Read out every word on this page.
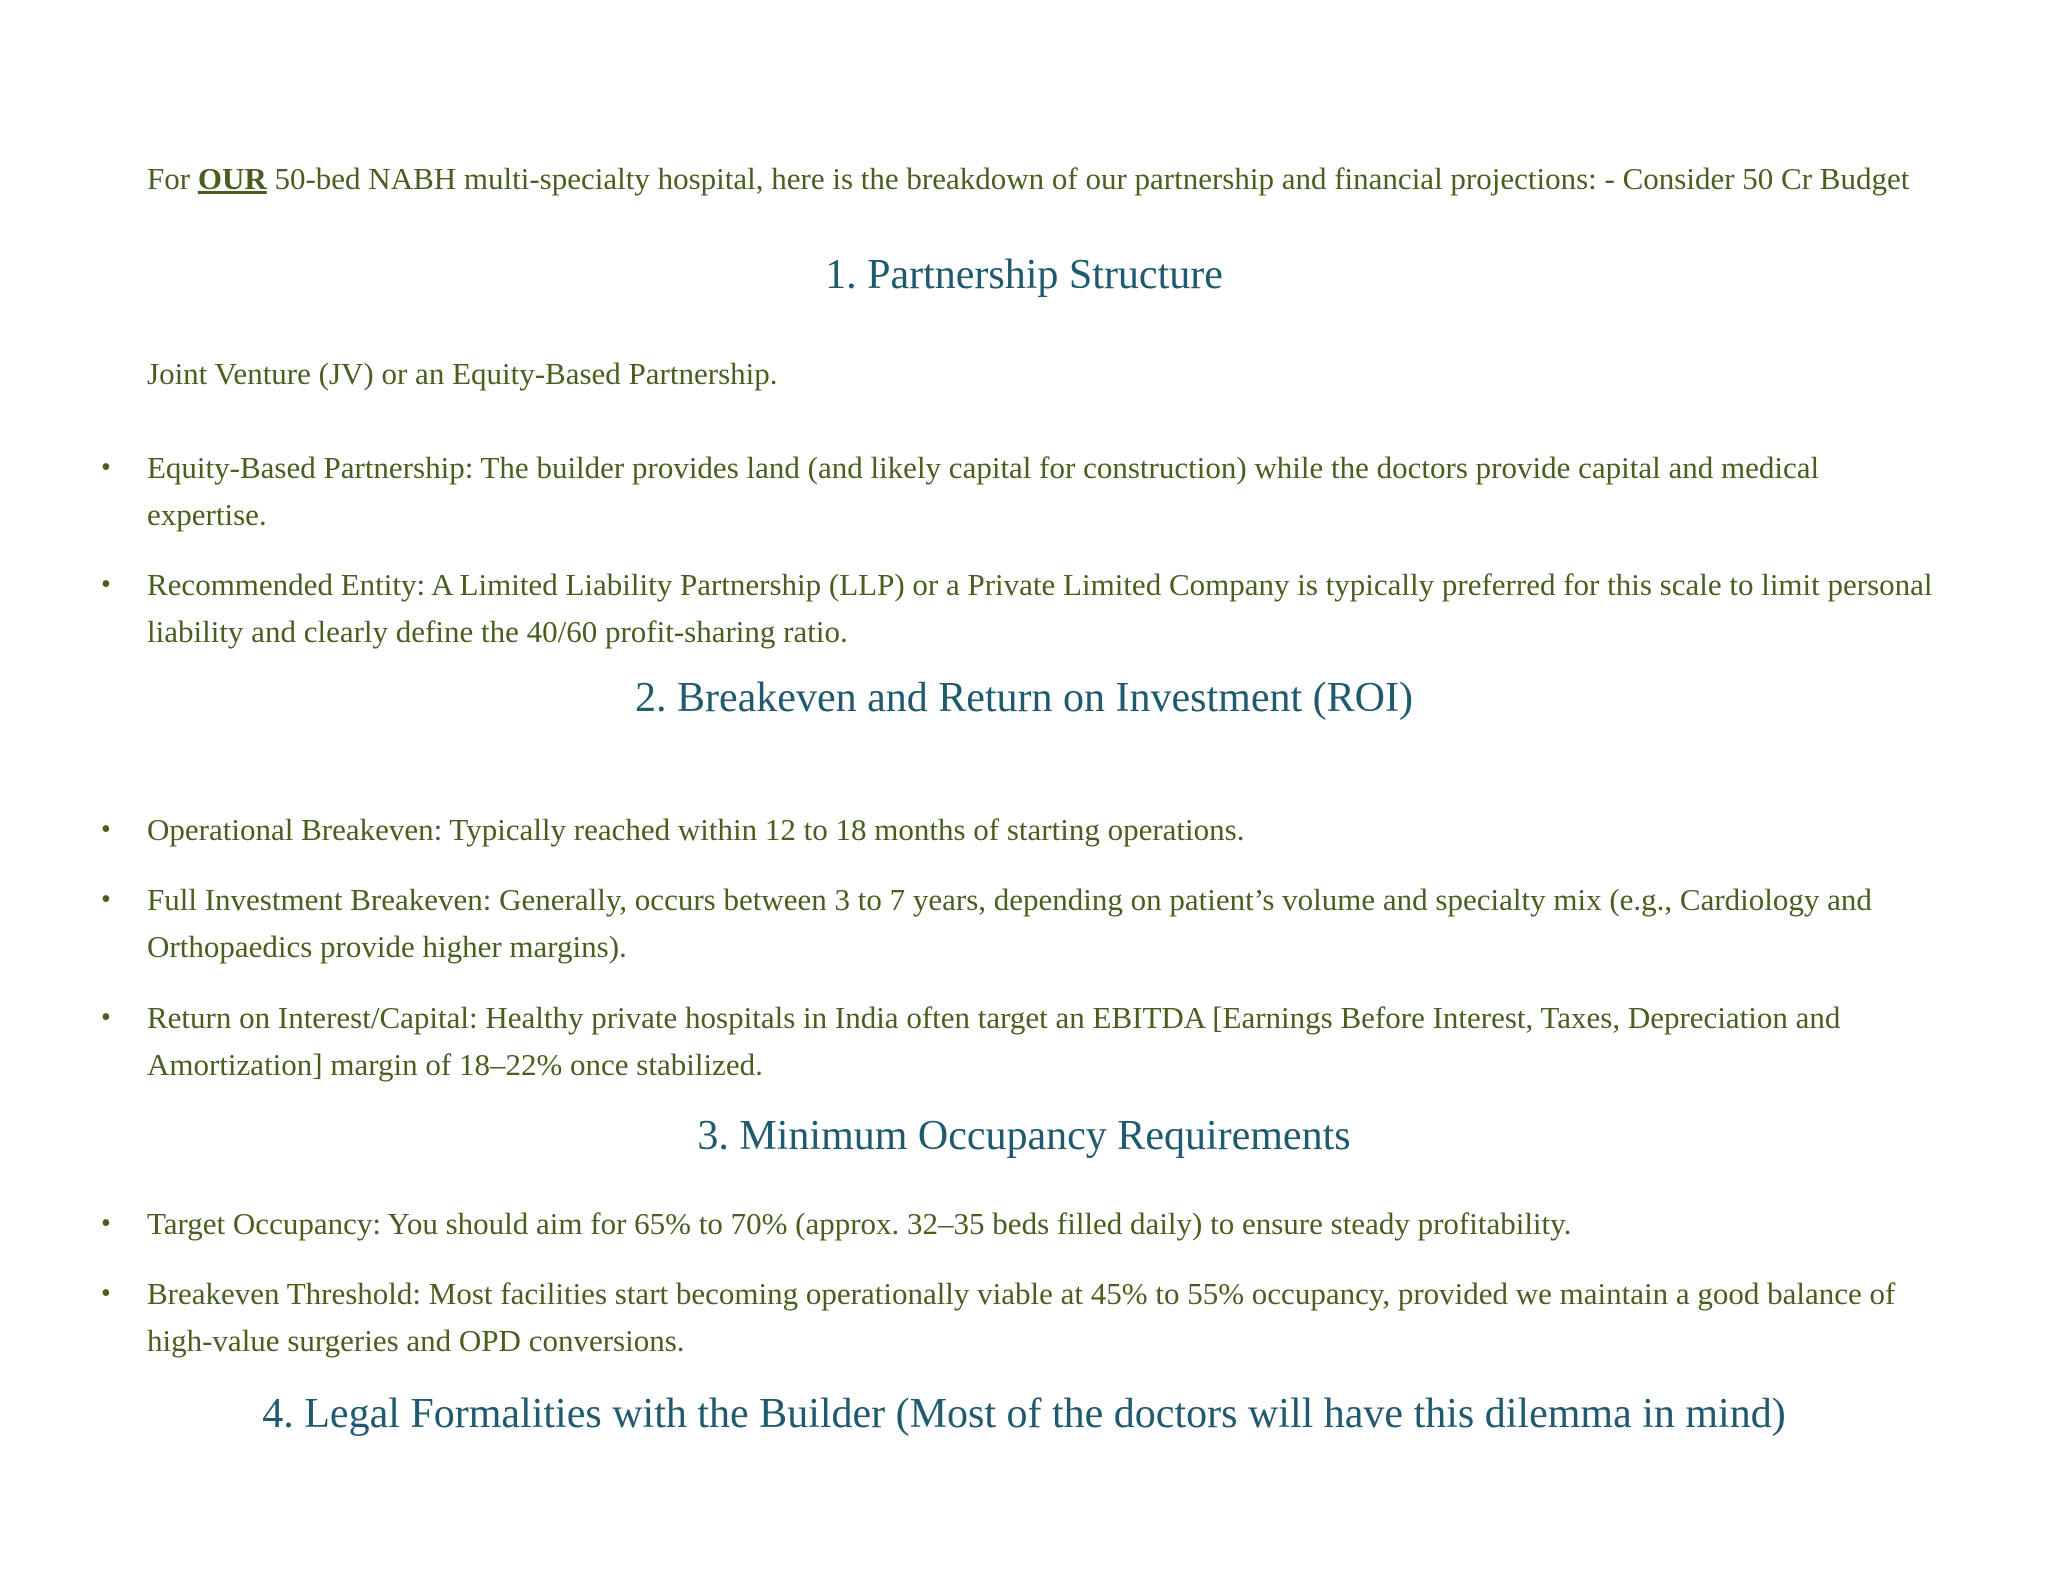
For OUR 50-bed NABH multi-specialty hospital, here is the breakdown of our partnership and financial projections: - Consider 50 Cr Budget
1. Partnership Structure
Joint Venture (JV) or an Equity-Based Partnership.
•	Equity-Based Partnership: The builder provides land (and likely capital for construction) while the doctors provide capital and medical expertise.
•	Recommended Entity: A Limited Liability Partnership (LLP) or a Private Limited Company is typically preferred for this scale to limit personal liability and clearly define the 40/60 profit-sharing ratio.
2. Breakeven and Return on Investment (ROI)
•	Operational Breakeven: Typically reached within 12 to 18 months of starting operations.
•	Full Investment Breakeven: Generally, occurs between 3 to 7 years, depending on patient’s volume and specialty mix (e.g., Cardiology and Orthopaedics provide higher margins).
•	Return on Interest/Capital: Healthy private hospitals in India often target an EBITDA [Earnings Before Interest, Taxes, Depreciation and Amortization] margin of 18–22% once stabilized.
3. Minimum Occupancy Requirements
•	Target Occupancy: You should aim for 65% to 70% (approx. 32–35 beds filled daily) to ensure steady profitability.
•	Breakeven Threshold: Most facilities start becoming operationally viable at 45% to 55% occupancy, provided we maintain a good balance of high-value surgeries and OPD conversions.
4. Legal Formalities with the Builder (Most of the doctors will have this dilemma in mind)
